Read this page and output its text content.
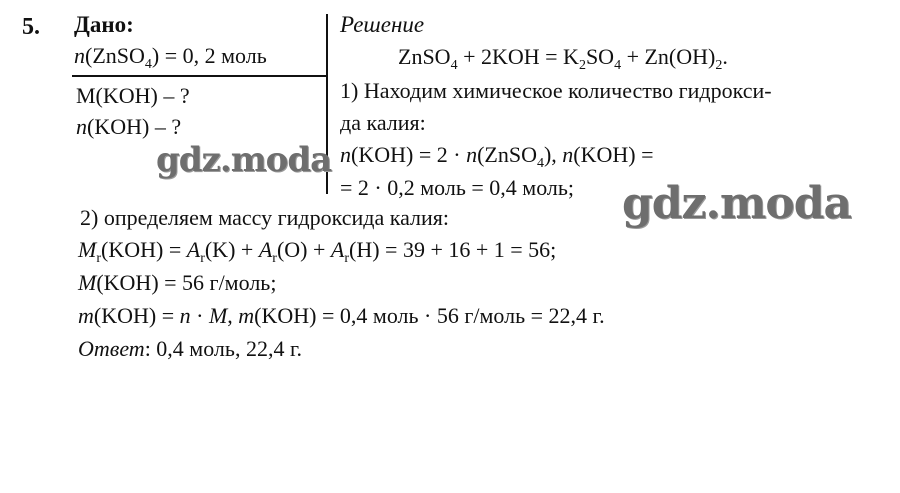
5. Дано:
n(ZnSO$_4$) = 0, 2 моль
M(KOH) – ?
n(KOH) – ?
Решение
ZnSO$_4$ + $2KOH = K_2SO_4 + Zn(OH)_2$.
1) Находим химическое количество гидрокси-
да калия:
n(KOH) = 2 · n(ZnSO$_4$), n(KOH) =
= 2 · 0,2 моль = 0,4 моль;
2) определяем массу гидроксида калия:
$M_r(KOH) = A_r(K) + A_r(O) + A_r(H) = 39 + 16 + 1 = 56$;
M(KOH) = 56 г/моль;
m(KOH) = n · M, m(KOH) = 0,4 моль · 56 г/моль = 22,4 г.
Ответ: 0,4 моль, 22,4 г.
gdz.moda
gdz.moda
